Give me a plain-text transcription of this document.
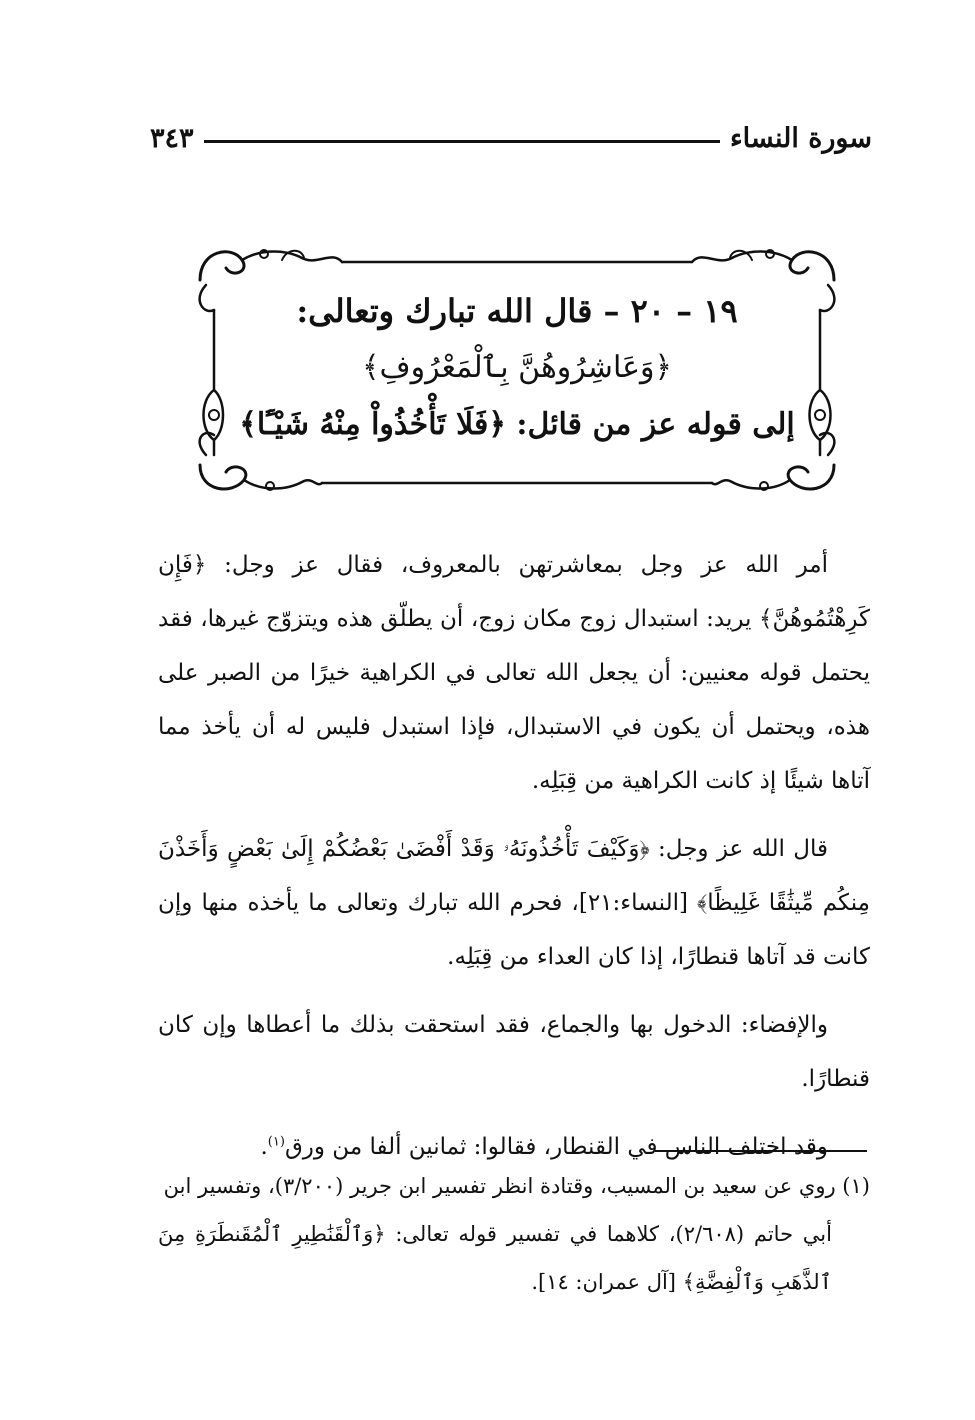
سورة النساء
٣٤٣
١٩ – ٢٠ – قال الله تبارك وتعالى:
﴿وَعَاشِرُوهُنَّ بِٱلْمَعْرُوفِ﴾
إلى قوله عز من قائل: ﴿فَلَا تَأْخُذُواْ مِنْهُ شَيْـًٔا﴾

أمر الله عز وجل بمعاشرتهن بالمعروف، فقال عز وجل: ﴿فَإِن كَرِهْتُمُوهُنَّ﴾ يريد: استبدال زوج مكان زوج، أن يطلّق هذه ويتزوّج غيرها، فقد يحتمل قوله معنيين: أن يجعل الله تعالى في الكراهية خيرًا من الصبر على هذه، ويحتمل أن يكون في الاستبدال، فإذا استبدل فليس له أن يأخذ مما آتاها شيئًا إذ كانت الكراهية من قِبَلِه.

قال الله عز وجل: ﴿وَكَيْفَ تَأْخُذُونَهُۥ وَقَدْ أَفْضَىٰ بَعْضُكُمْ إِلَىٰ بَعْضٍ وَأَخَذْنَ مِنكُم مِّيثَٰقًا غَلِيظًا﴾ [النساء:٢١]، فحرم الله تبارك وتعالى ما يأخذه منها وإن كانت قد آتاها قنطارًا، إذا كان العداء من قِبَلِه.

والإفضاء: الدخول بها والجماع، فقد استحقت بذلك ما أعطاها وإن كان قنطارًا.

وقد اختلف الناس في القنطار، فقالوا: ثمانين ألفا من ورق$^{(١)}$.

(١) روي عن سعيد بن المسيب، وقتادة انظر تفسير ابن جرير (٣/٢٠٠)، وتفسير ابن

أبي حاتم (٢/٦٠٨)، كلاهما في تفسير قوله تعالى: ﴿وَٱلْقَنَٰطِيرِ ٱلْمُقَنطَرَةِ مِنَ ٱلذَّهَبِ وَٱلْفِضَّةِ﴾ [آل عمران: ١٤].
